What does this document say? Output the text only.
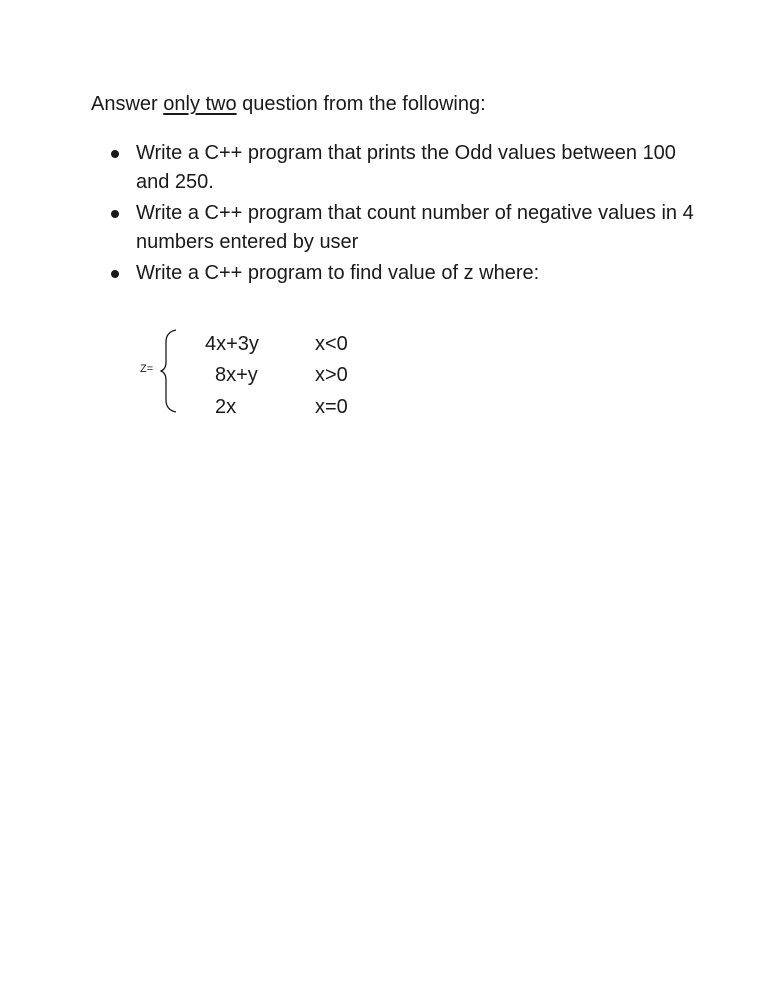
Answer only two question from the following:
Write a C++ program that prints the Odd values between 100 and 250.
Write a C++ program that count number of negative values in 4 numbers entered by user
Write a C++ program to find value of z where:
Z=
4x+3y	x<0
8x+y	x>0
2x	x=0
